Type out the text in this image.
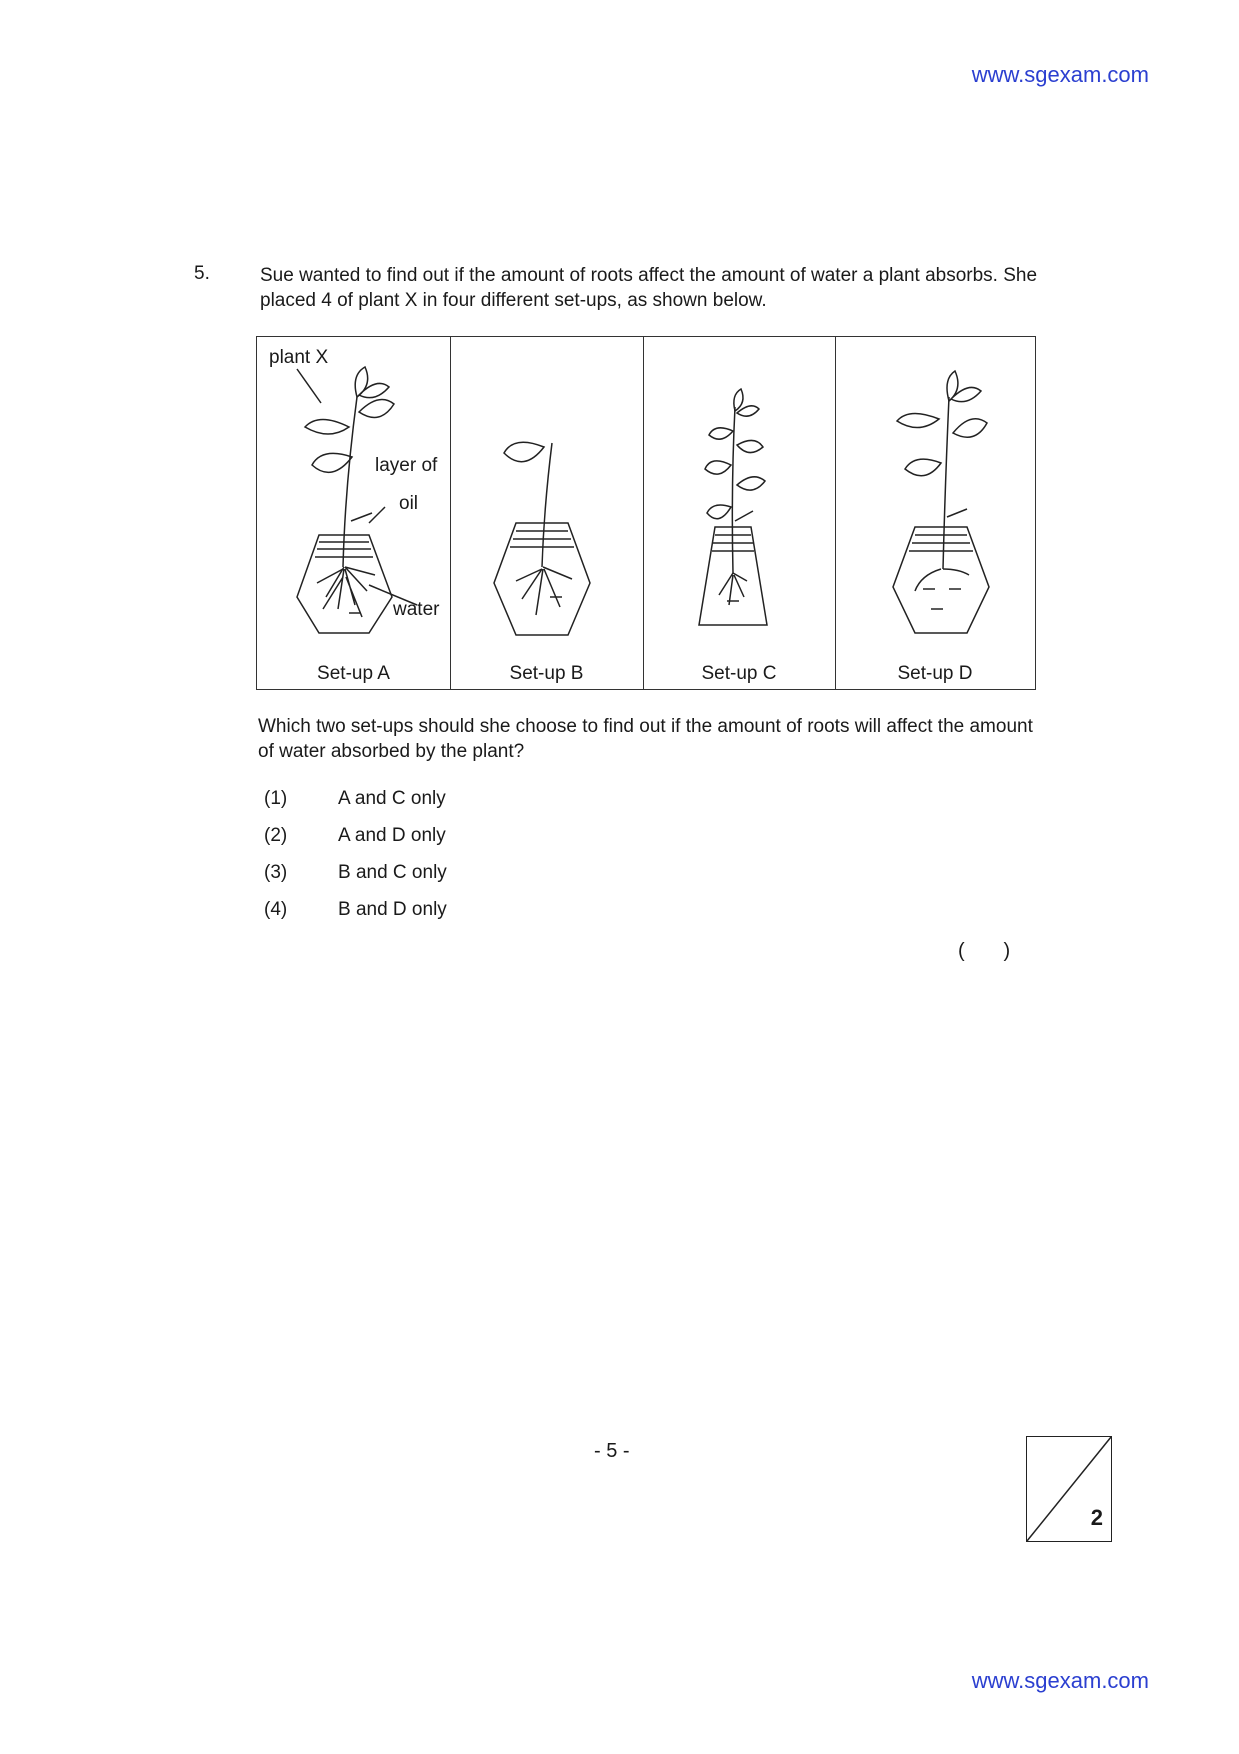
www.sgexam.com
5.	Sue wanted to find out if the amount of roots affect the amount of water a plant absorbs. She placed 4 of plant X in four different set-ups, as shown below.
plant X
layer of
oil
water
Set-up A	Set-up B	Set-up C	Set-up D
Which two set-ups should she choose to find out if the amount of roots will affect the amount of water absorbed by the plant?
(1)	A and C only
(2)	A and D only
(3)	B and C only
(4)	B and D only
(       )
- 5 -
2
www.sgexam.com
